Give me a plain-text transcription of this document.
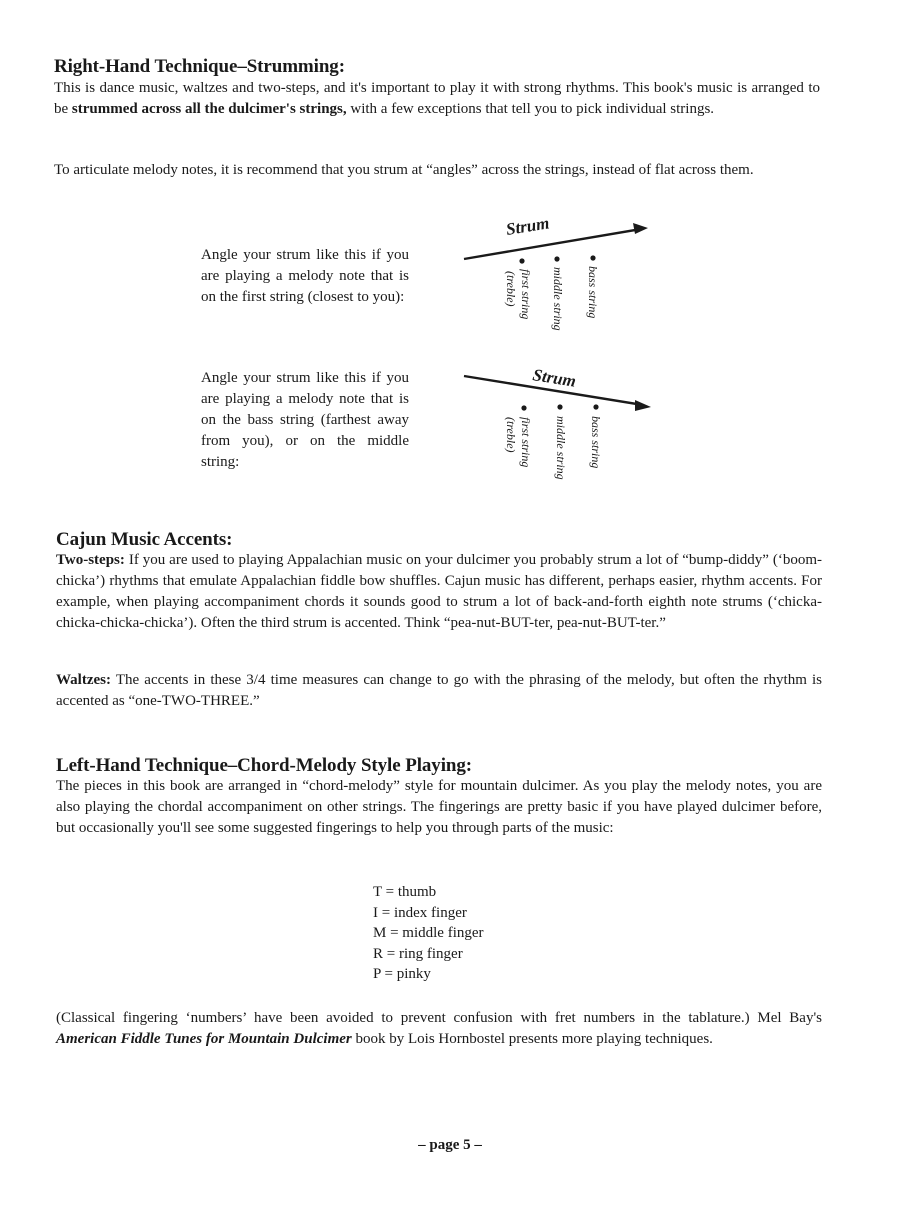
Right-Hand Technique–Strumming:

This is dance music, waltzes and two-steps, and it's important to play it with strong rhythms. This book's music is arranged to be strummed across all the dulcimer's strings, with a few exceptions that tell you to pick individual strings.

To articulate melody notes, it is recommend that you strum at “angles” across the strings, instead of flat across them.

Angle your strum like this if you are playing a melody note that is on the first string (closest to you):

Strum
first string
(treble)	middle string bass string

Angle your strum like this if you are playing a melody note that is on the bass string (farthest away from you), or on the middle string:

Strum
first string
(treble)	middle string bass string
Cajun Music Accents:

Two-steps: If you are used to playing Appalachian music on your dulcimer you probably strum a lot of “bump-diddy” (‘boom-chicka’) rhythms that emulate Appalachian fiddle bow shuffles. Cajun music has different, perhaps easier, rhythm accents. For example, when playing accompaniment chords it sounds good to strum a lot of back-and-forth eighth note strums (‘chicka-chicka-chicka-chicka’). Often the third strum is accented. Think “pea-nut-BUT-ter, pea-nut-BUT-ter.”

Waltzes: The accents in these 3/4 time measures can change to go with the phrasing of the melody, but often the rhythm is accented as “one-TWO-THREE.”

Left-Hand Technique–Chord-Melody Style Playing:

The pieces in this book are arranged in “chord-melody” style for mountain dulcimer. As you play the melody notes, you are also playing the chordal accompaniment on other strings. The fingerings are pretty basic if you have played dulcimer before, but occasionally you'll see some suggested fingerings to help you through parts of the music:

T = thumb
I = index finger
M = middle finger
R = ring finger
P = pinky

(Classical fingering ‘numbers’ have been avoided to prevent confusion with fret numbers in the tablature.) Mel Bay's American Fiddle Tunes for Mountain Dulcimer book by Lois Hornbostel presents more playing techniques.

– page 5 –
